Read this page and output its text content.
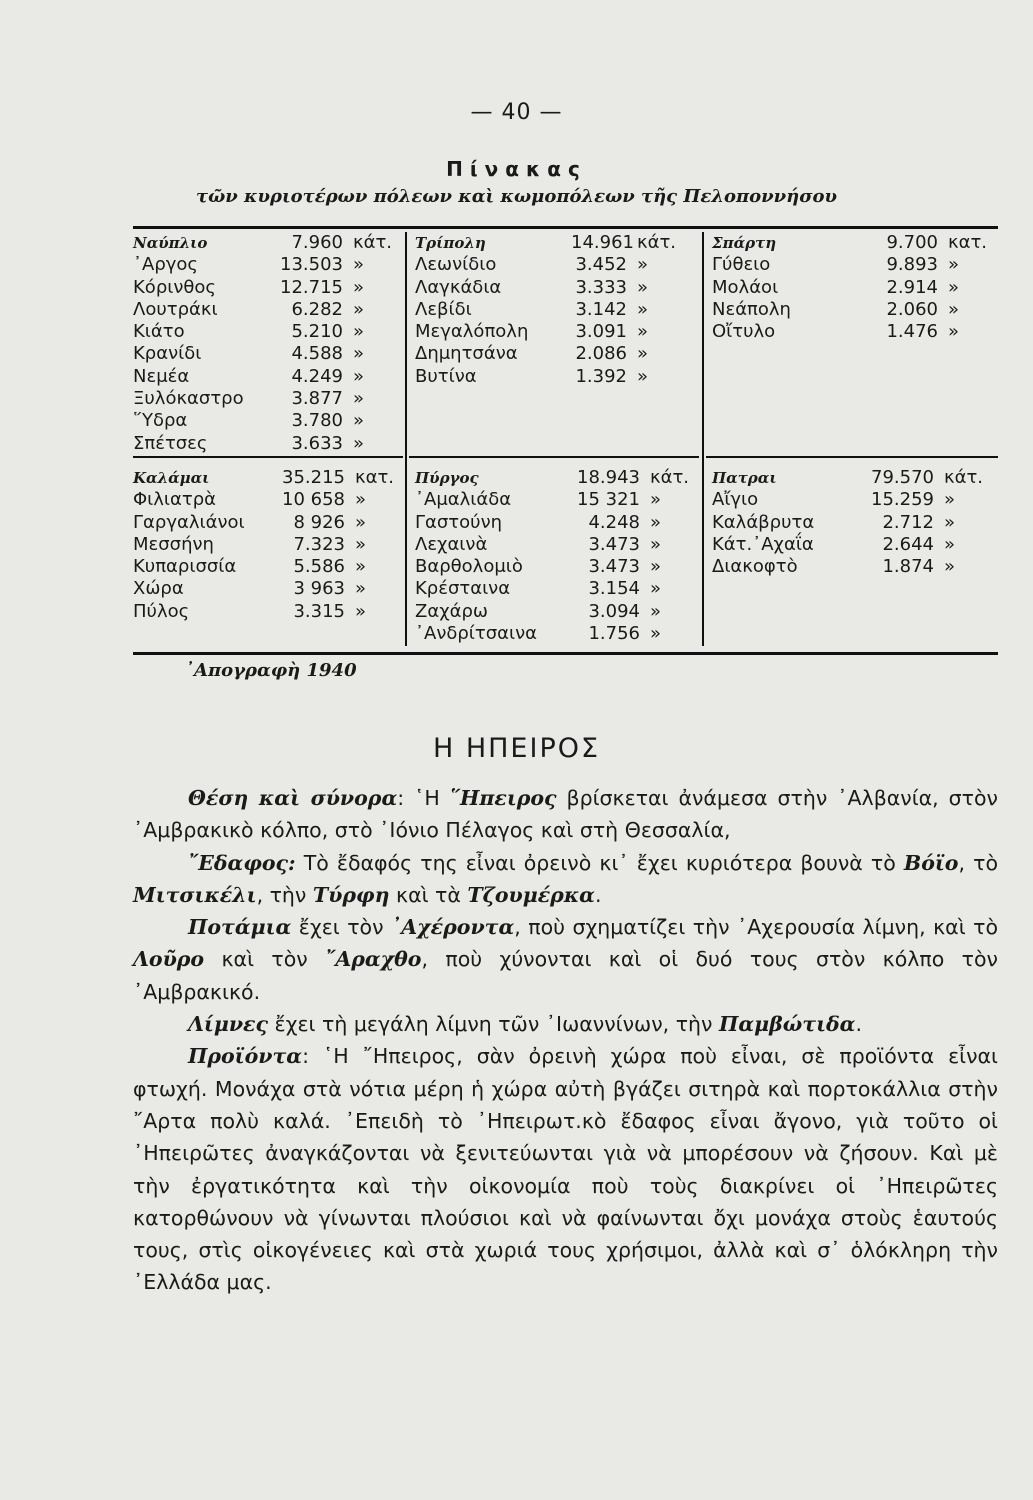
— 40 —
Πίνακας
τῶν κυριοτέρων πόλεων καὶ κωμοπόλεων τῆς Πελοποννήσου
Ναύπλιο	7.960 κάτ.
᾿Αργος	13.503 »
Κόρινθος	12.715 »
Λουτράκι	6.282 »
Κιάτο	5.210 »
Κρανίδι	4.588 »
Νεμέα	4.249 »
Ξυλόκαστρο	3.877 »
῞Υδρα	3.780 »
Σπέτσες	3.633 »
Τρίπολη	14.961 κάτ.
Λεωνίδιο	3.452 »
Λαγκάδια	3.333 »
Λεβίδι	3.142 »
Μεγαλόπολη	3.091 »
Δημητσάνα	2.086 »
Βυτίνα	1.392 »
Σπάρτη	9.700 κατ.
Γύθειο	9.893 »
Μολάοι	2.914 »
Νεάπολη	2.060 »
Οἴτυλο	1.476 »
Καλάμαι	35.215 κατ.
Φιλιατρὰ	10 658 »
Γαργαλιάνοι	8 926 »
Μεσσήνη	7.323 »
Κυπαρισσία	5.586 »
Χώρα	3 963 »
Πύλος	3.315 »
Πύργος	18.943 κάτ.
᾿Αμαλιάδα	15 321 »
Γαστούνη	4.248 »
Λεχαινὰ	3.473 »
Βαρθολομιὸ	3.473 »
Κρέσταινα	3.154 »
Ζαχάρω	3.094 »
᾿Ανδρίτσαινα	1.756 »
Πατραι	79.570 κάτ.
Αἴγιο	15.259 »
Καλάβρυτα	2.712 »
Κάτ.᾿Αχαΐα	2.644 »
Διακοφτὸ	1.874 »
᾿Απογραφὴ 1940
Η ΗΠΕΙΡΟΣ

Θέση καὶ σύνορα: ῾Η ῞Ηπειρος βρίσκεται ἀνάμεσα στὴν ᾿Αλβανία, στὸν ᾿Αμβρακικὸ κόλπο, στὸ ᾿Ιόνιο Πέλαγος καὶ στὴ Θεσσαλία,

῎Εδαφος: Τὸ ἔδαφός της εἶναι ὀρεινὸ κι᾿ ἔχει κυριότερα βουνὰ τὸ Βόϊο, τὸ Μιτσικέλι, τὴν Τύρφη καὶ τὰ Τζουμέρκα.

Ποτάμια ἔχει τὸν ᾿Αχέροντα, ποὺ σχηματίζει τὴν ᾿Αχερουσία λίμνη, καὶ τὸ Λοῦρο καὶ τὸν ῎Αραχθο, ποὺ χύνονται καὶ οἱ δυό τους στὸν κόλπο τὸν ᾿Αμβρακικό.

Λίμνες ἔχει τὴ μεγάλη λίμνη τῶν ᾿Ιωαννίνων, τὴν Παμβώτιδα.

Προϊόντα: ῾Η ῎Ηπειρος, σὰν ὀρεινὴ χώρα ποὺ εἶναι, σὲ προϊόντα εἶναι φτωχή. Μονάχα στὰ νότια μέρη ἡ χώρα αὐτὴ βγάζει σιτηρὰ καὶ πορτοκάλλια στὴν ῎Αρτα πολὺ καλά. ᾿Επειδὴ τὸ ᾿Ηπειρωτ.κὸ ἔδαφος εἶναι ἄγονο, γιὰ τοῦτο οἱ ᾿Ηπειρῶτες ἀναγκάζονται νὰ ξενιτεύωνται γιὰ νὰ μπορέσουν νὰ ζήσουν. Καὶ μὲ τὴν ἐργατικότητα καὶ τὴν οἰκονομία ποὺ τοὺς διακρίνει οἱ ᾿Ηπειρῶτες κατορθώνουν νὰ γίνωνται πλούσιοι καὶ νὰ φαίνωνται ὄχι μονάχα στοὺς ἑαυτούς τους, στὶς οἰκογένειες καὶ στὰ χωριά τους χρήσιμοι, ἀλλὰ καὶ σ᾿ ὁλόκληρη τὴν ᾿Ελλάδα μας.
